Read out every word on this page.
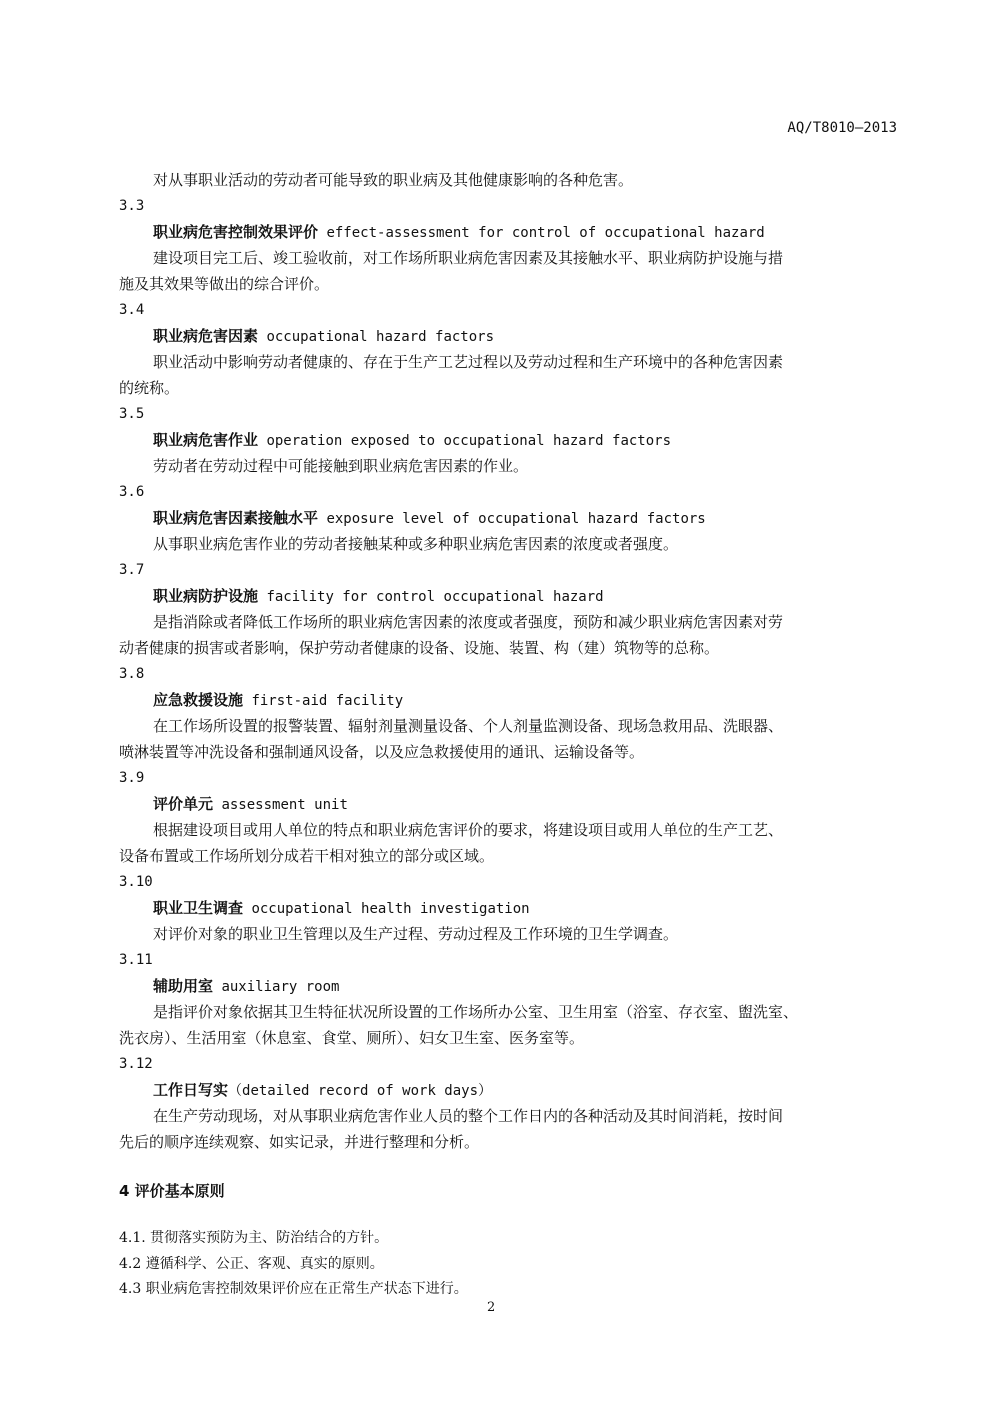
AQ/T8010—2013
对从事职业活动的劳动者可能导致的职业病及其他健康影响的各种危害。
3.3
职业病危害控制效果评价 effect-assessment for control of occupational hazard
建设项目完工后、竣工验收前，对工作场所职业病危害因素及其接触水平、职业病防护设施与措
施及其效果等做出的综合评价。
3.4
职业病危害因素 occupational hazard factors
职业活动中影响劳动者健康的、存在于生产工艺过程以及劳动过程和生产环境中的各种危害因素
的统称。
3.5
职业病危害作业 operation exposed to occupational hazard factors
劳动者在劳动过程中可能接触到职业病危害因素的作业。
3.6
职业病危害因素接触水平 exposure level of occupational hazard factors
从事职业病危害作业的劳动者接触某种或多种职业病危害因素的浓度或者强度。
3.7
职业病防护设施 facility for control occupational hazard
是指消除或者降低工作场所的职业病危害因素的浓度或者强度，预防和减少职业病危害因素对劳
动者健康的损害或者影响，保护劳动者健康的设备、设施、装置、构（建）筑物等的总称。
3.8
应急救援设施 first-aid facility
在工作场所设置的报警装置、辐射剂量测量设备、个人剂量监测设备、现场急救用品、洗眼器、
喷淋装置等冲洗设备和强制通风设备，以及应急救援使用的通讯、运输设备等。
3.9
评价单元 assessment unit
根据建设项目或用人单位的特点和职业病危害评价的要求，将建设项目或用人单位的生产工艺、
设备布置或工作场所划分成若干相对独立的部分或区域。
3.10
职业卫生调查 occupational health investigation
对评价对象的职业卫生管理以及生产过程、劳动过程及工作环境的卫生学调查。
3.11
辅助用室 auxiliary room
是指评价对象依据其卫生特征状况所设置的工作场所办公室、卫生用室（浴室、存衣室、盥洗室、
洗衣房）、生活用室（休息室、食堂、厕所）、妇女卫生室、医务室等。
3.12
工作日写实（detailed record of work days）
在生产劳动现场，对从事职业病危害作业人员的整个工作日内的各种活动及其时间消耗，按时间
先后的顺序连续观察、如实记录，并进行整理和分析。
4 评价基本原则
4.1. 贯彻落实预防为主、防治结合的方针。
4.2 遵循科学、公正、客观、真实的原则。
4.3 职业病危害控制效果评价应在正常生产状态下进行。
2
